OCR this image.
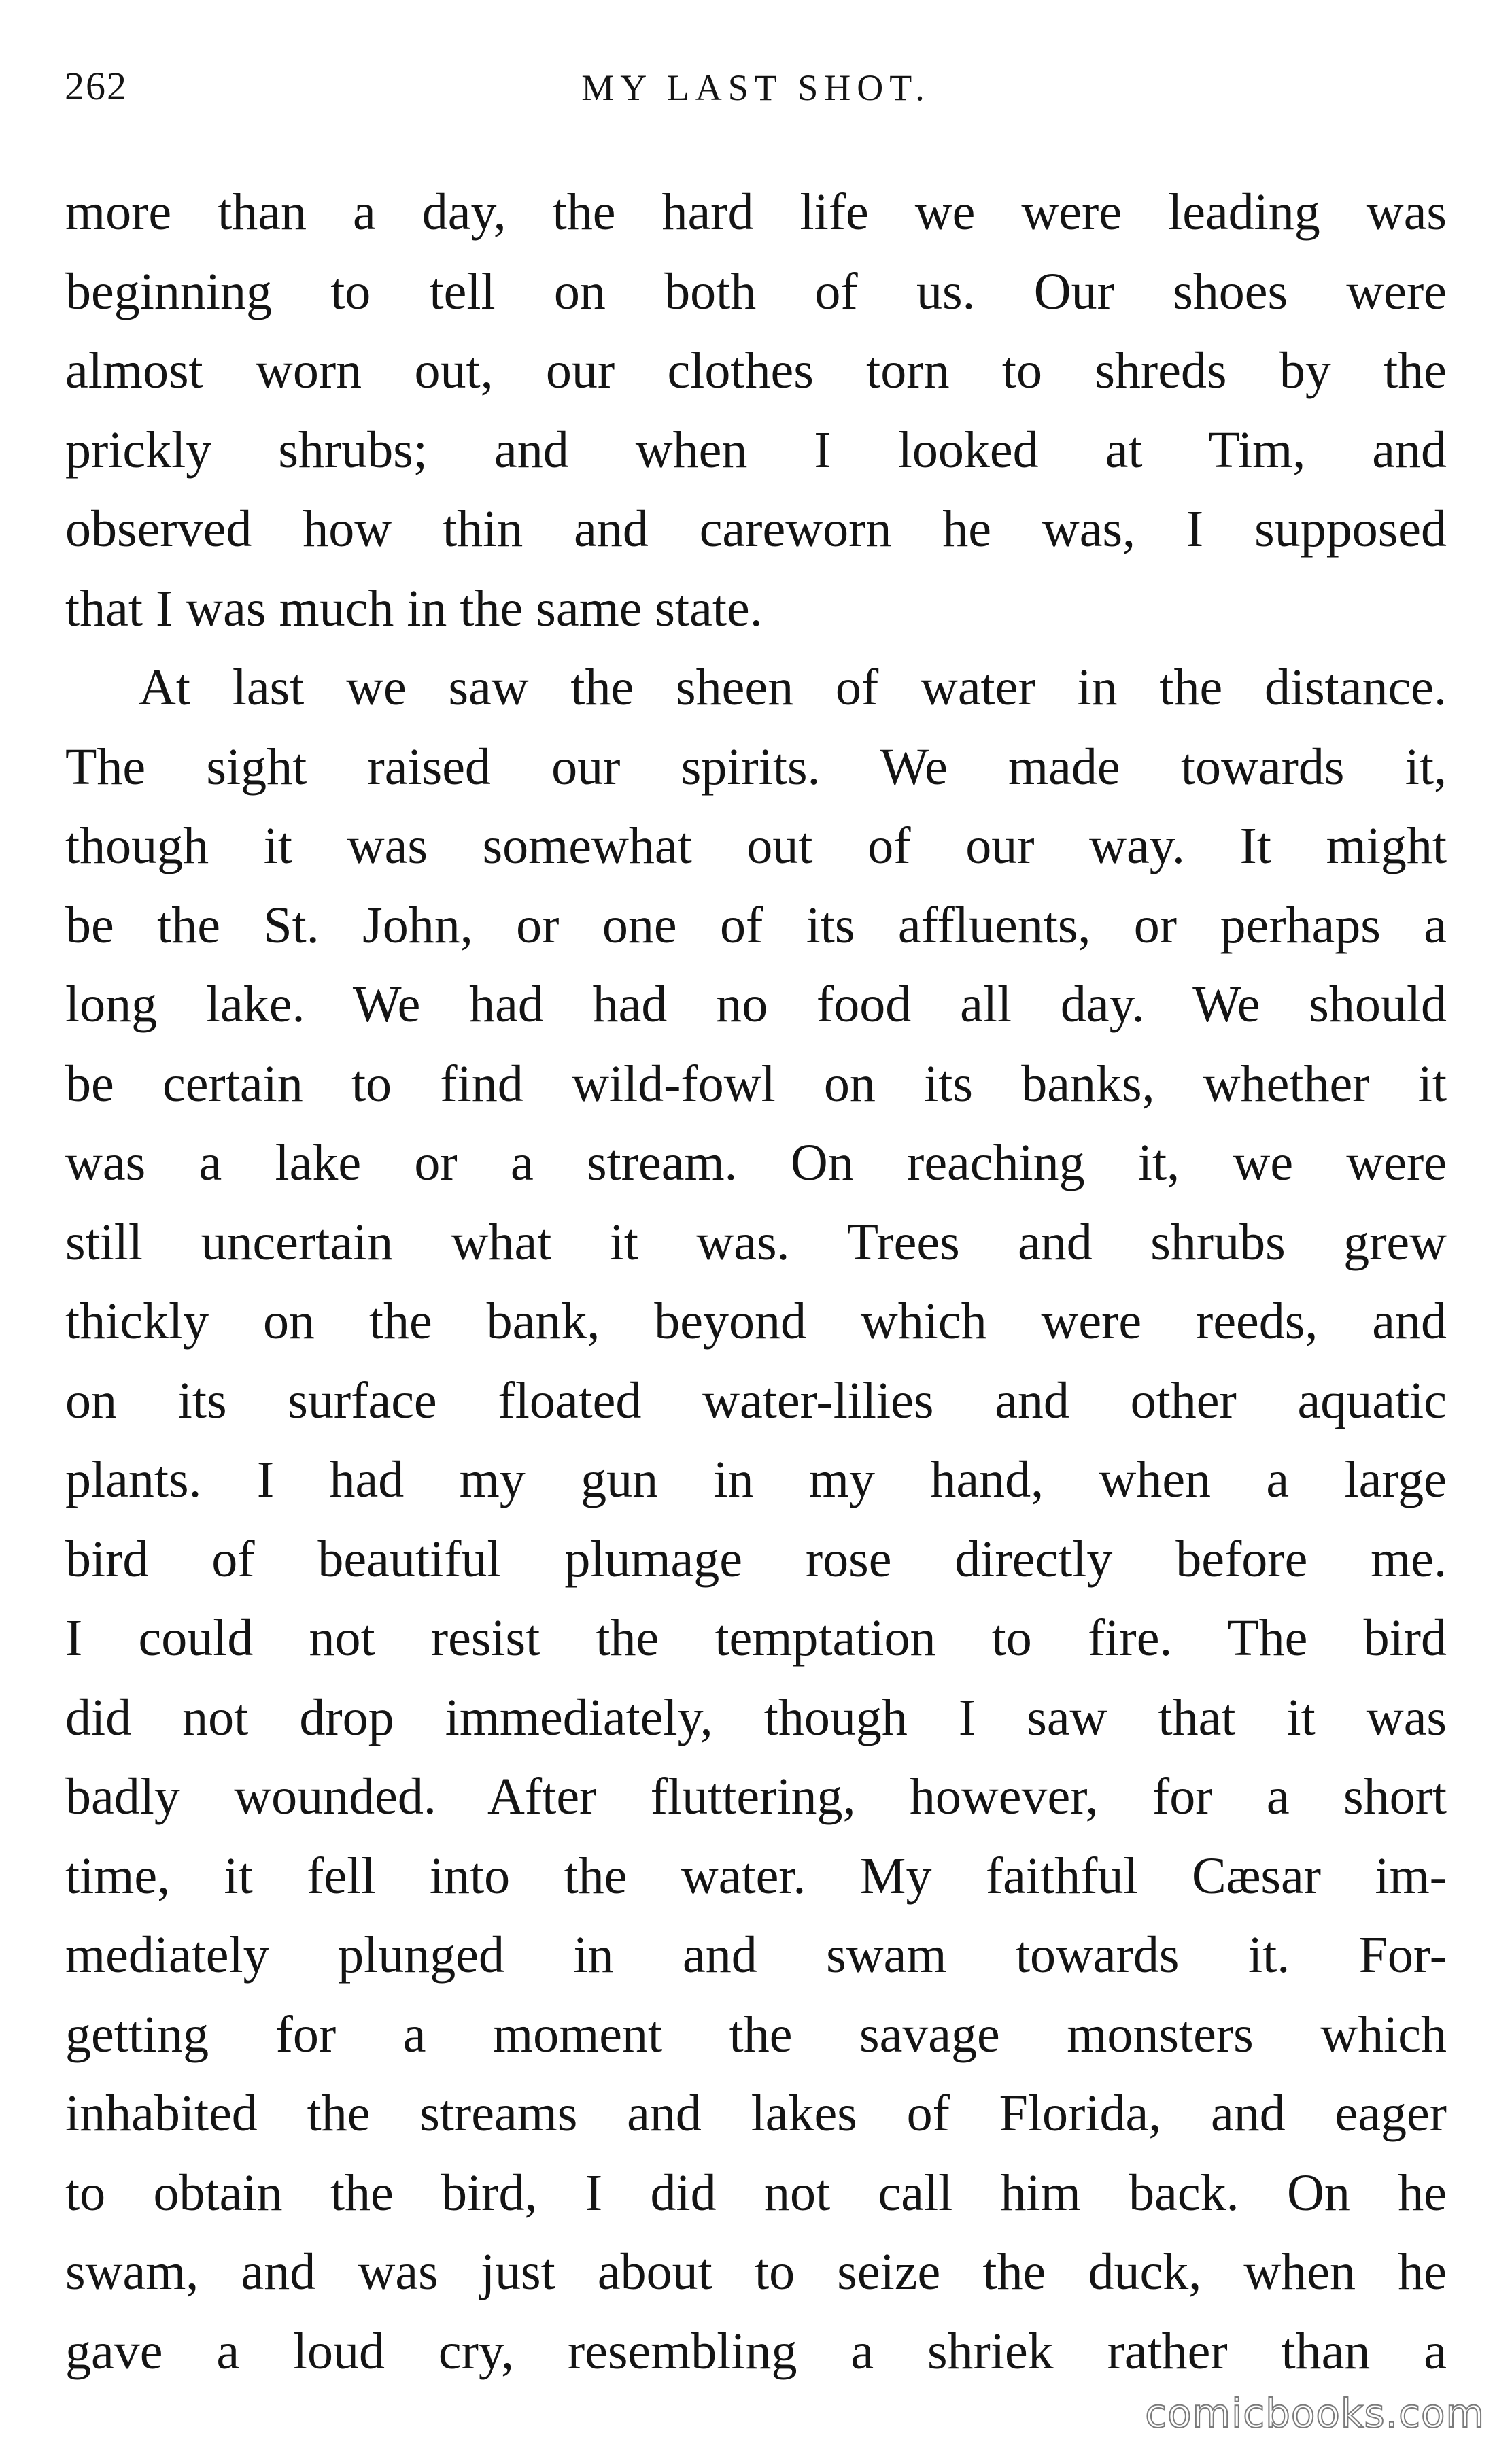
262	MY LAST SHOT.
more than a day, the hard life we were leading was
beginning to tell on both of us. Our shoes were
almost worn out, our clothes torn to shreds by the
prickly shrubs; and when I looked at Tim, and
observed how thin and careworn he was, I supposed
that I was much in the same state.
At last we saw the sheen of water in the distance.
The sight raised our spirits. We made towards it,
though it was somewhat out of our way. It might
be the St. John, or one of its affluents, or perhaps a
long lake. We had had no food all day. We should
be certain to find wild-fowl on its banks, whether it
was a lake or a stream. On reaching it, we were
still uncertain what it was. Trees and shrubs grew
thickly on the bank, beyond which were reeds, and
on its surface floated water-lilies and other aquatic
plants. I had my gun in my hand, when a large
bird of beautiful plumage rose directly before me.
I could not resist the temptation to fire. The bird
did not drop immediately, though I saw that it was
badly wounded. After fluttering, however, for a short
time, it fell into the water. My faithful Cæsar im-
mediately plunged in and swam towards it. For-
getting for a moment the savage monsters which
inhabited the streams and lakes of Florida, and eager
to obtain the bird, I did not call him back. On he
swam, and was just about to seize the duck, when he
gave a loud cry, resembling a shriek rather than a
comicbooks.com
